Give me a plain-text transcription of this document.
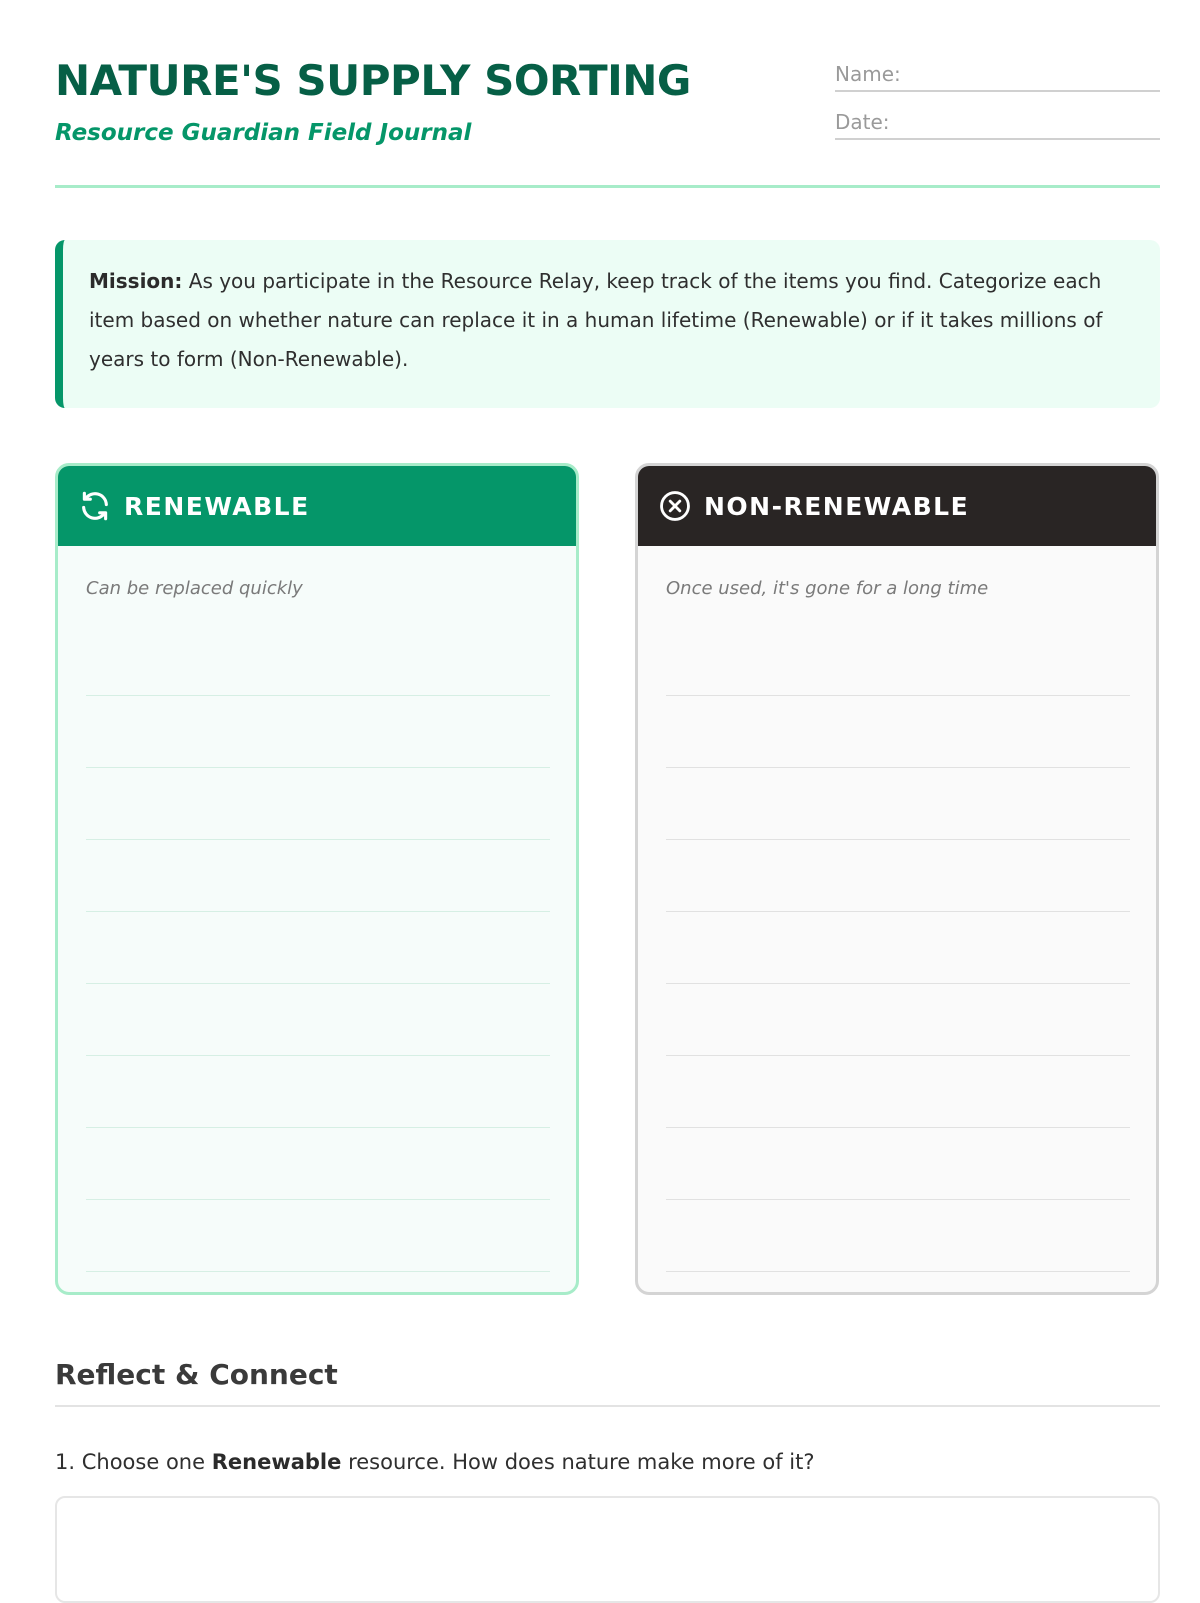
NATURE'S SUPPLY SORTING
Resource Guardian Field Journal
Name:
Date:
Mission: As you participate in the Resource Relay, keep track of the items you find. Categorize each item based on whether nature can replace it in a human lifetime (Renewable) or if it takes millions of years to form (Non-Renewable).
RENEWABLE
Can be replaced quickly
NON-RENEWABLE
Once used, it's gone for a long time
Reflect & Connect
1. Choose one Renewable resource. How does nature make more of it?
